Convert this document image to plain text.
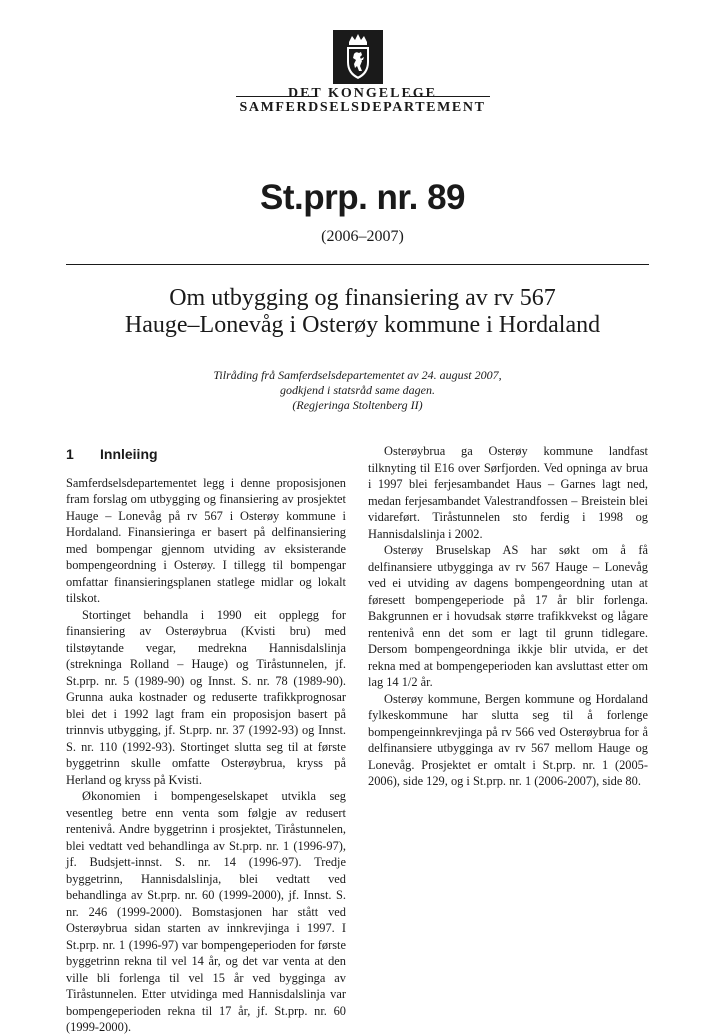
DET KONGELEGE
SAMFERDSELSDEPARTEMENT
St.prp. nr. 89
(2006–2007)
Om utbygging og finansiering av rv 567
Hauge–Lonevåg i Osterøy kommune i Hordaland
Tilråding frå Samferdselsdepartementet av 24. august 2007,
godkjend i statsråd same dagen.
(Regjeringa Stoltenberg II)
1 Innleiing

Samferdselsdepartementet legg i denne proposisjonen fram forslag om utbygging og finansiering av prosjektet Hauge – Lonevåg på rv 567 i Osterøy kommune i Hordaland. Finansieringa er basert på delfinansiering med bompengar gjennom utviding av eksisterande bompengeordning i Osterøy. I tillegg til bompengar omfattar finansieringsplanen statlege midlar og lokalt tilskot.

Stortinget behandla i 1990 eit opplegg for finansiering av Osterøybrua (Kvisti bru) med tilstøytande vegar, medrekna Hannisdalslinja (strekninga Rolland – Hauge) og Tiråstunnelen, jf. St.prp. nr. 5 (1989-90) og Innst. S. nr. 78 (1989-90). Grunna auka kostnader og reduserte trafikkprognosar blei det i 1992 lagt fram ein proposisjon basert på trinnvis utbygging, jf. St.prp. nr. 37 (1992-93) og Innst. S. nr. 110 (1992-93). Stortinget slutta seg til at første byggetrinn skulle omfatte Osterøybrua, kryss på Herland og kryss på Kvisti.

Økonomien i bompengeselskapet utvikla seg vesentleg betre enn venta som følgje av redusert rentenivå. Andre byggetrinn i prosjektet, Tiråstunnelen, blei vedtatt ved behandlinga av St.prp. nr. 1 (1996-97), jf. Budsjett-innst. S. nr. 14 (1996-97). Tredje byggetrinn, Hannisdalslinja, blei vedtatt ved behandlinga av St.prp. nr. 60 (1999-2000), jf. Innst. S. nr. 246 (1999-2000). Bomstasjonen har stått ved Osterøybrua sidan starten av innkrevjinga i 1997. I St.prp. nr. 1 (1996-97) var bompengeperioden for første byggetrinn rekna til vel 14 år, og det var venta at den ville bli forlenga til vel 15 år ved bygginga av Tiråstunnelen. Etter utvidinga med Hannisdalslinja var bompengeperioden rekna til 17 år, jf. St.prp. nr. 60 (1999-2000).

Osterøybrua ga Osterøy kommune landfast tilknyting til E16 over Sørfjorden. Ved opninga av brua i 1997 blei ferjesambandet Haus – Garnes lagt ned, medan ferjesambandet Valestrandfossen – Breistein blei vidareført. Tiråstunnelen sto ferdig i 1998 og Hannisdalslinja i 2002.

Osterøy Bruselskap AS har søkt om å få delfinansiere utbygginga av rv 567 Hauge – Lonevåg ved ei utviding av dagens bompengeordning utan at føresett bompengeperiode på 17 år blir forlenga. Bakgrunnen er i hovudsak større trafikkvekst og lågare rentenivå enn det som er lagt til grunn tidlegare. Dersom bompengeordninga ikkje blir utvida, er det rekna med at bompengeperioden kan avsluttast etter om lag 14 1/2 år.

Osterøy kommune, Bergen kommune og Hordaland fylkeskommune har slutta seg til å forlenge bompengeinnkrevjinga på rv 566 ved Osterøybrua for å delfinansiere utbygginga av rv 567 mellom Hauge og Lonevåg. Prosjektet er omtalt i St.prp. nr. 1 (2005-2006), side 129, og i St.prp. nr. 1 (2006-2007), side 80.
